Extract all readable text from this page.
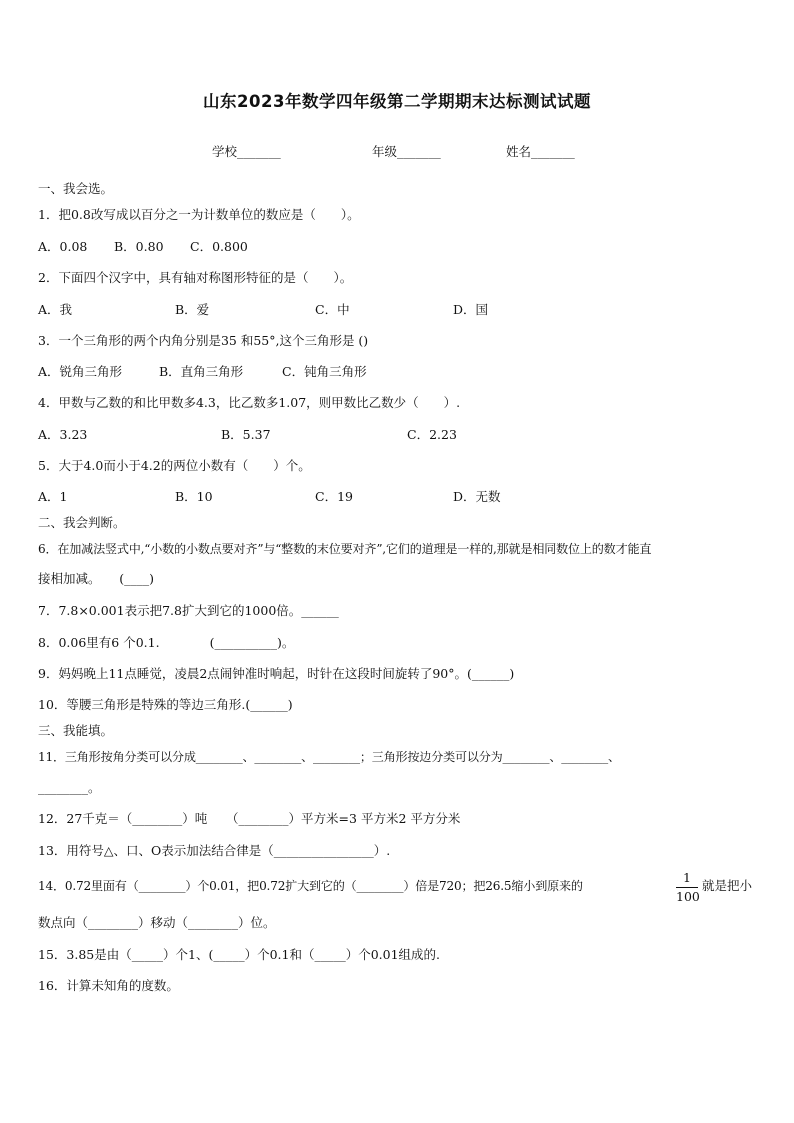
山东2023年数学四年级第二学期期末达标测试试题
学校_______	年级_______	姓名_______
一、我会选。
1．把0.8改写成以百分之一为计数单位的数应是（　　）。
A．0.08 B．0.80 C．0.800
2．下面四个汉字中，具有轴对称图形特征的是（　　）。
A．我	B．爱	C．中	D．国
3．一个三角形的两个内角分别是35 和55°,这个三角形是 ()
A．锐角三角形	B．直角三角形	C．钝角三角形
4．甲数与乙数的和比甲数多4.3，比乙数多1.07，则甲数比乙数少（　　）.
A．3.23	B．5.37	C．2.23
5．大于4.0而小于4.2的两位小数有（　　）个。
A．1	B．10	C．19	D．无数
二、我会判断。
6．在加减法竖式中,“小数的小数点要对齐”与“整数的末位要对齐”,它们的道理是一样的,那就是相同数位上的数才能直
接相加减。　　(____)
7．7.8×0.001表示把7.8扩大到它的1000倍。______
8．0.06里有6 个0.1.　　　　(__________)。
9．妈妈晚上11点睡觉，凌晨2点闹钟准时响起，时针在这段时间旋转了90°。(______)
10．等腰三角形是特殊的等边三角形.(______)
三、我能填。
11．三角形按角分类可以分成________、________、________；三角形按边分类可以分为________、________、
________。
12．27千克＝（________）吨　　（________）平方米=3 平方米2 平方分米
13．用符号△、口、O表示加法结合律是（________________）.
14．0.72里面有（________）个0.01，把0.72扩大到它的（________）倍是720；把26.5缩小到原来的	$\frac{1}{100}$ 就是把小
数点向（________）移动（________）位。
15．3.85是由（_____）个1、(_____）个0.1和（_____）个0.01组成的.
16．计算未知角的度数。
